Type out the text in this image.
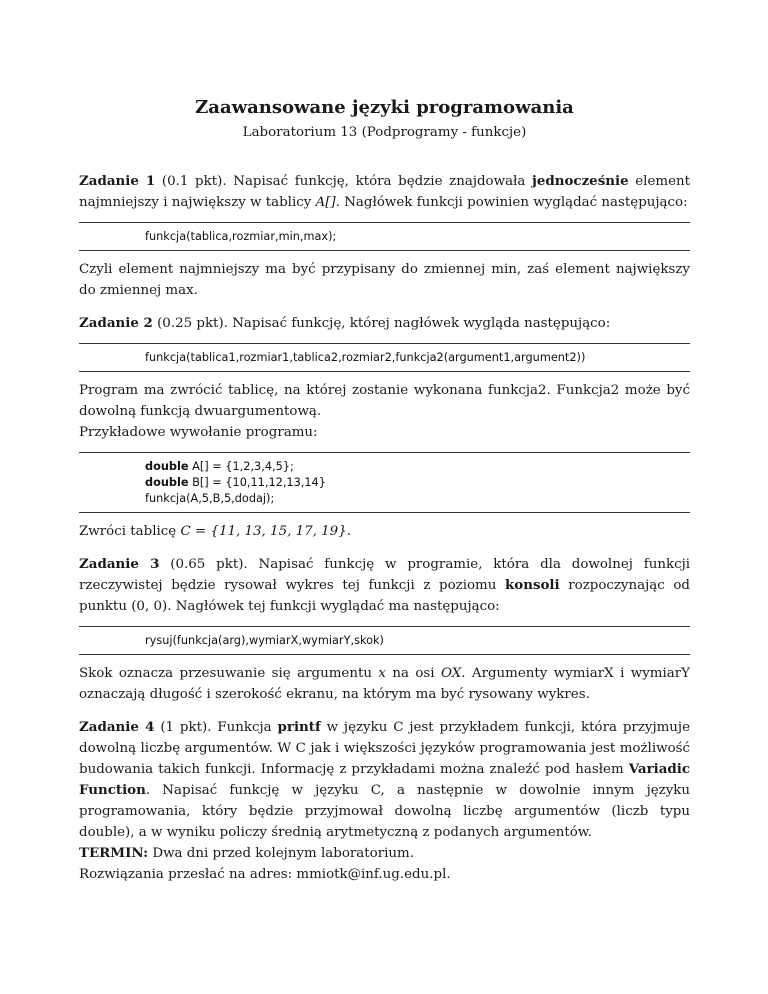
Zaawansowane języki programowania
Laboratorium 13 (Podprogramy - funkcje)

Zadanie 1 (0.1 pkt). Napisać funkcję, która będzie znajdowała jednocześnie element najmniejszy i największy w tablicy A[]. Nagłówek funkcji powinien wyglądać następująco:

funkcja(tablica,rozmiar,min,max);

Czyli element najmniejszy ma być przypisany do zmiennej min, zaś element największy do zmiennej max.

Zadanie 2 (0.25 pkt). Napisać funkcję, której nagłówek wygląda następująco:

funkcja(tablica1,rozmiar1,tablica2,rozmiar2,funkcja2(argument1,argument2))

Program ma zwrócić tablicę, na której zostanie wykonana funkcja2. Funkcja2 może być dowolną funkcją dwuargumentową.

Przykładowe wywołanie programu:

double A[] = {1,2,3,4,5};
double B[] = {10,11,12,13,14}
funkcja(A,5,B,5,dodaj);

Zwróci tablicę C = {11, 13, 15, 17, 19}.

Zadanie 3 (0.65 pkt). Napisać funkcję w programie, która dla dowolnej funkcji rzeczywistej będzie rysował wykres tej funkcji z poziomu konsoli rozpoczynając od punktu (0, 0). Nagłówek tej funkcji wyglądać ma następująco:

rysuj(funkcja(arg),wymiarX,wymiarY,skok)

Skok oznacza przesuwanie się argumentu x na osi OX. Argumenty wymiarX i wymiarY oznaczają długość i szerokość ekranu, na którym ma być rysowany wykres.

Zadanie 4 (1 pkt). Funkcja printf w języku C jest przykładem funkcji, która przyjmuje dowolną liczbę argumentów. W C jak i większości języków programowania jest możliwość budowania takich funkcji. Informację z przykładami można znaleźć pod hasłem Variadic Function. Napisać funkcję w języku C, a następnie w dowolnie innym języku programowania, który będzie przyjmował dowolną liczbę argumentów (liczb typu double), a w wyniku policzy średnią arytmetyczną z podanych argumentów.

TERMIN: Dwa dni przed kolejnym laboratorium.

Rozwiązania przesłać na adres: mmiotk@inf.ug.edu.pl.
